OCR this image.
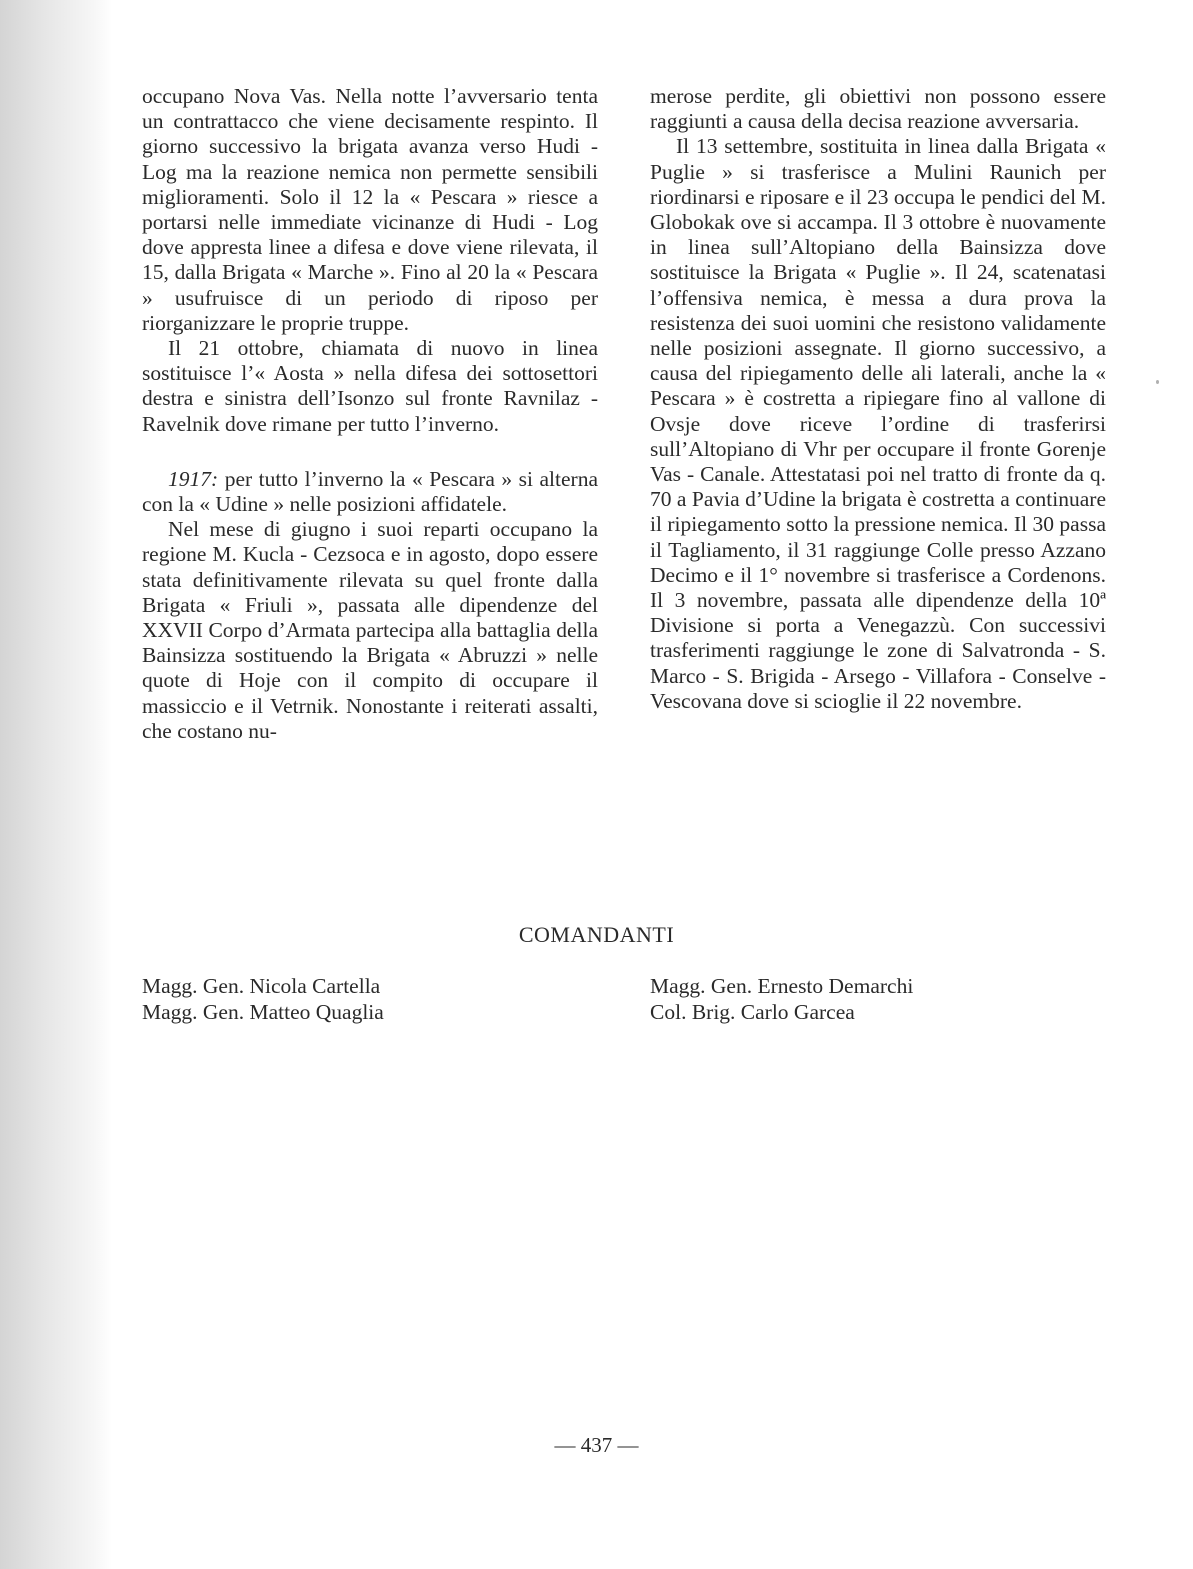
occupano Nova Vas. Nella notte l’avversario tenta un contrattacco che viene decisamente respinto. Il giorno successivo la brigata avanza verso Hudi - Log ma la reazione nemica non permette sensibili miglioramenti. Solo il 12 la « Pescara » riesce a portarsi nelle immediate vicinanze di Hudi - Log dove appresta linee a difesa e dove viene rilevata, il 15, dalla Brigata « Marche ». Fino al 20 la « Pescara » usufruisce di un periodo di riposo per riorganizzare le proprie truppe.

Il 21 ottobre, chiamata di nuovo in linea sostituisce l’« Aosta » nella difesa dei sottosettori destra e sinistra dell’Isonzo sul fronte Ravnilaz - Ravelnik dove rimane per tutto l’inverno.

1917: per tutto l’inverno la « Pescara » si alterna con la « Udine » nelle posizioni affidatele.

Nel mese di giugno i suoi reparti occupano la regione M. Kucla - Cezsoca e in agosto, dopo essere stata definitivamente rilevata su quel fronte dalla Brigata « Friuli », passata alle dipendenze del XXVII Corpo d’Armata partecipa alla battaglia della Bainsizza sostituendo la Brigata « Abruzzi » nelle quote di Hoje con il compito di occupare il massiccio e il Vetrnik. Nonostante i reiterati assalti, che costano nu-

merose perdite, gli obiettivi non possono essere raggiunti a causa della decisa reazione avversaria.

Il 13 settembre, sostituita in linea dalla Brigata « Puglie » si trasferisce a Mulini Raunich per riordinarsi e riposare e il 23 occupa le pendici del M. Globokak ove si accampa. Il 3 ottobre è nuovamente in linea sull’Altopiano della Bainsizza dove sostituisce la Brigata « Puglie ». Il 24, scatenatasi l’offensiva nemica, è messa a dura prova la resistenza dei suoi uomini che resistono validamente nelle posizioni assegnate. Il giorno successivo, a causa del ripiegamento delle ali laterali, anche la « Pescara » è costretta a ripiegare fino al vallone di Ovsje dove riceve l’ordine di trasferirsi sull’Altopiano di Vhr per occupare il fronte Gorenje Vas - Canale. Attestatasi poi nel tratto di fronte da q. 70 a Pavia d’Udine la brigata è costretta a continuare il ripiegamento sotto la pressione nemica. Il 30 passa il Tagliamento, il 31 raggiunge Colle presso Azzano Decimo e il 1° novembre si trasferisce a Cordenons. Il 3 novembre, passata alle dipendenze della 10ª Divisione si porta a Venegazzù. Con successivi trasferimenti raggiunge le zone di Salvatronda - S. Marco - S. Brigida - Arsego - Villafora - Conselve - Vescovana dove si scioglie il 22 novembre.

COMANDANTI
Magg. Gen. Nicola Cartella
Magg. Gen. Matteo Quaglia
Magg. Gen. Ernesto Demarchi
Col. Brig. Carlo Garcea
— 437 —
